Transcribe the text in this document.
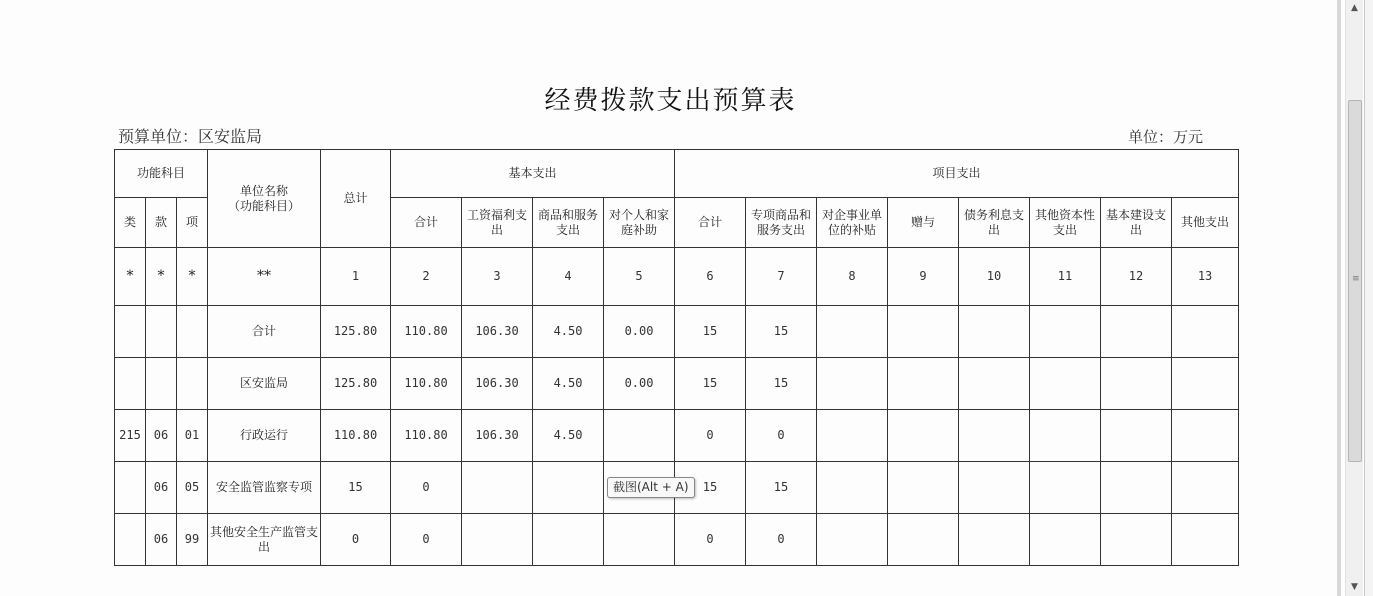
经费拨款支出预算表
预算单位：区安监局	单位：万元
功能科目			单位名称
（功能科目）	总计	基本支出				项目支出							
类	款	项			合计	工资福利支出	商品和服务支出	对个人和家庭补助	合计	专项商品和服务支出	对企事业单位的补贴	赠与	债务利息支出	其他资本性支出	基本建设支出	其他支出
*	*	*	**	1	2	3	4	5	6	7	8	9	10	11	12	13
			合计	125.80	110.80	106.30	4.50	0.00	15	15						
			区安监局	125.80	110.80	106.30	4.50	0.00	15	15						
215	06	01	行政运行	110.80	110.80	106.30	4.50		0	0						
	06	05	安全监管监察专项	15	0				15	15						
	06	99	其他安全生产监管支出	0	0				0	0						
截图(Alt + A)
▲
≡
▼
